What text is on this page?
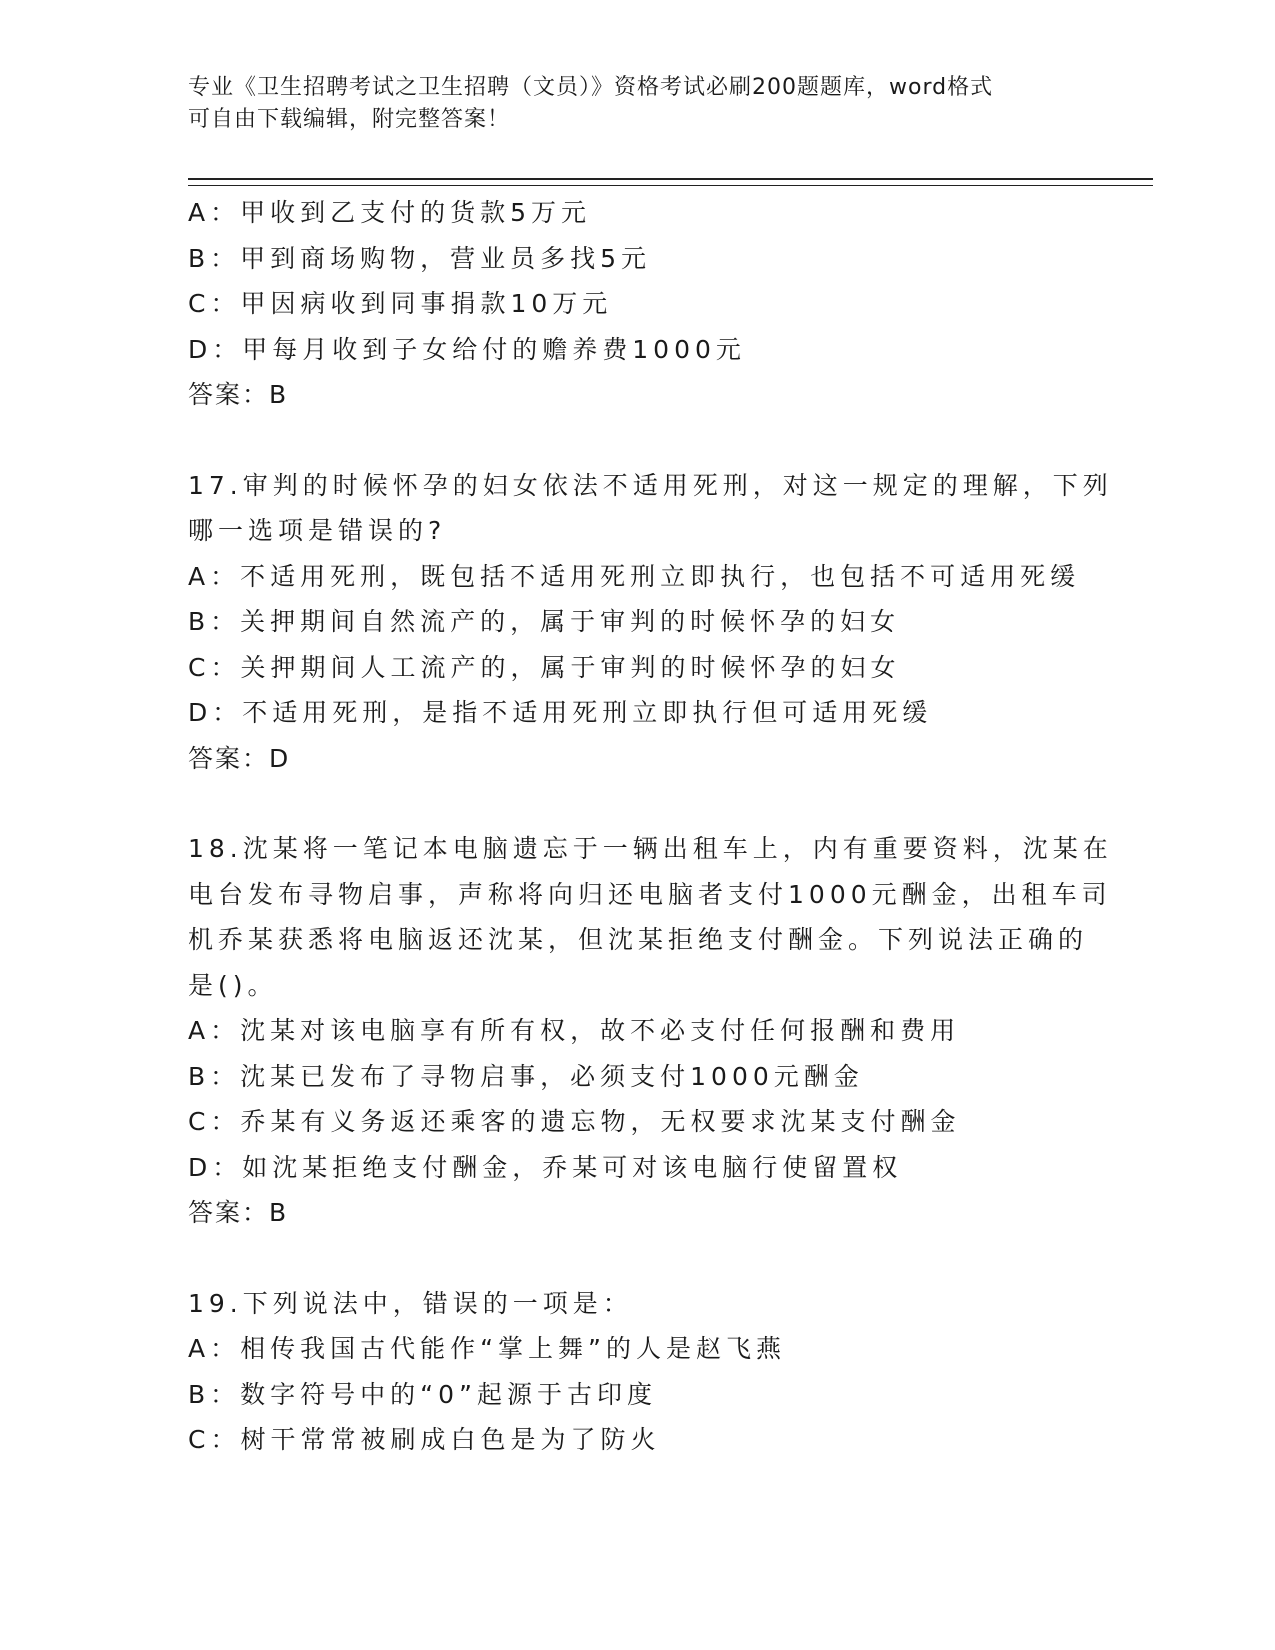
专业《卫生招聘考试之卫生招聘（文员）》资格考试必刷200题题库，word格式
可自由下载编辑，附完整答案！
A：甲收到乙支付的货款5万元
B：甲到商场购物，营业员多找5元
C：甲因病收到同事捐款10万元
D：甲每月收到子女给付的赡养费1000元
答案：B
17.审判的时候怀孕的妇女依法不适用死刑，对这一规定的理解，下列
哪一选项是错误的?
A：不适用死刑，既包括不适用死刑立即执行，也包括不可适用死缓
B：关押期间自然流产的，属于审判的时候怀孕的妇女
C：关押期间人工流产的，属于审判的时候怀孕的妇女
D：不适用死刑，是指不适用死刑立即执行但可适用死缓
答案：D
18.沈某将一笔记本电脑遗忘于一辆出租车上，内有重要资料，沈某在
电台发布寻物启事，声称将向归还电脑者支付1000元酬金，出租车司
机乔某获悉将电脑返还沈某，但沈某拒绝支付酬金。下列说法正确的
是()。
A：沈某对该电脑享有所有权，故不必支付任何报酬和费用
B：沈某已发布了寻物启事，必须支付1000元酬金
C：乔某有义务返还乘客的遗忘物，无权要求沈某支付酬金
D：如沈某拒绝支付酬金，乔某可对该电脑行使留置权
答案：B
19.下列说法中，错误的一项是：
A：相传我国古代能作“掌上舞”的人是赵飞燕
B：数字符号中的“0”起源于古印度
C：树干常常被刷成白色是为了防火
